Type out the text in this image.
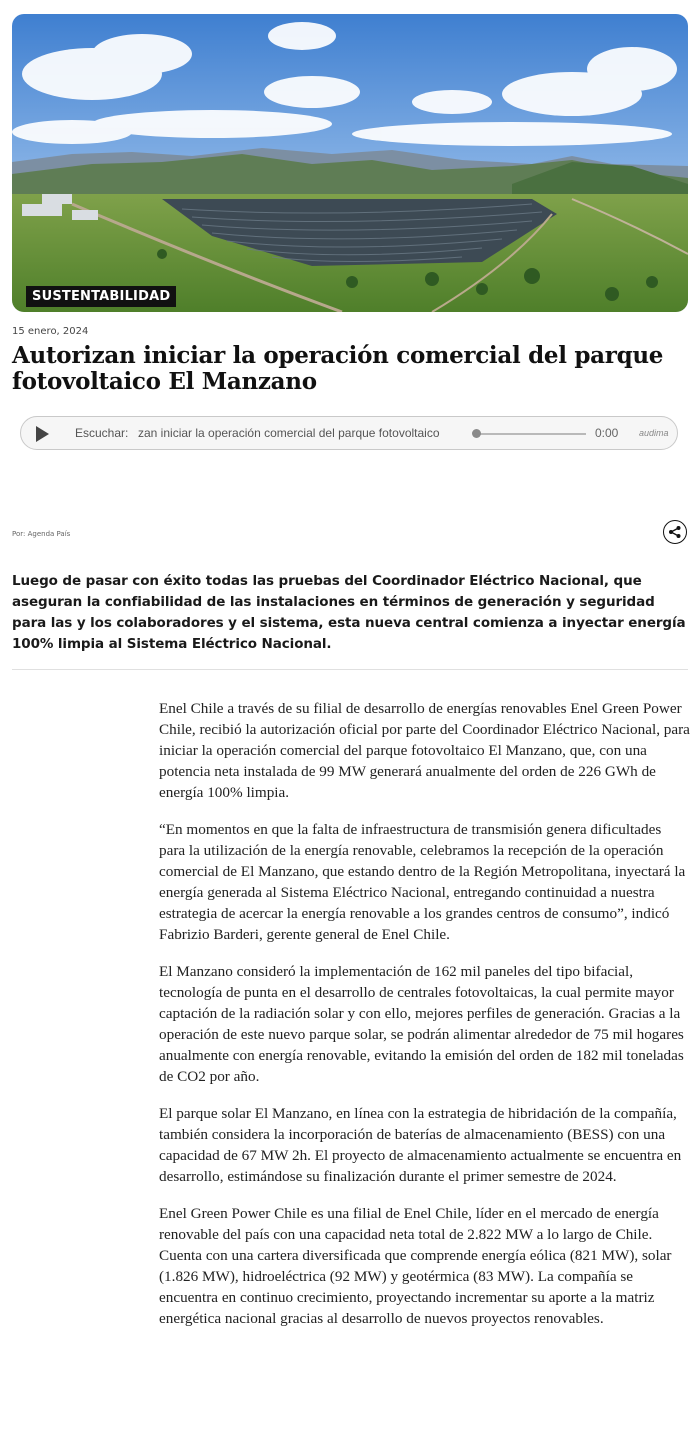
SUSTENTABILIDAD
15 enero, 2024
Autorizan iniciar la operación comercial del parque fotovoltaico El Manzano
Escuchar: zan iniciar la operación comercial del parque fotovoltaico	0:00 audima
Por: Agenda País

Luego de pasar con éxito todas las pruebas del Coordinador Eléctrico Nacional, que aseguran la confiabilidad de las instalaciones en términos de generación y seguridad para las y los colaboradores y el sistema, esta nueva central comienza a inyectar energía 100% limpia al Sistema Eléctrico Nacional.

Enel Chile a través de su filial de desarrollo de energías renovables Enel Green Power Chile, recibió la autorización oficial por parte del Coordinador Eléctrico Nacional, para iniciar la operación comercial del parque fotovoltaico El Manzano, que, con una potencia neta instalada de 99 MW generará anualmente del orden de 226 GWh de energía 100% limpia.

“En momentos en que la falta de infraestructura de transmisión genera dificultades para la utilización de la energía renovable, celebramos la recepción de la operación comercial de El Manzano, que estando dentro de la Región Metropolitana, inyectará la energía generada al Sistema Eléctrico Nacional, entregando continuidad a nuestra estrategia de acercar la energía renovable a los grandes centros de consumo”, indicó Fabrizio Barderi, gerente general de Enel Chile.

El Manzano consideró la implementación de 162 mil paneles del tipo bifacial, tecnología de punta en el desarrollo de centrales fotovoltaicas, la cual permite mayor captación de la radiación solar y con ello, mejores perfiles de generación. Gracias a la operación de este nuevo parque solar, se podrán alimentar alrededor de 75 mil hogares anualmente con energía renovable, evitando la emisión del orden de 182 mil toneladas de CO2 por año.

El parque solar El Manzano, en línea con la estrategia de hibridación de la compañía, también considera la incorporación de baterías de almacenamiento (BESS) con una capacidad de 67 MW 2h. El proyecto de almacenamiento actualmente se encuentra en desarrollo, estimándose su finalización durante el primer semestre de 2024.

Enel Green Power Chile es una filial de Enel Chile, líder en el mercado de energía renovable del país con una capacidad neta total de 2.822 MW a lo largo de Chile. Cuenta con una cartera diversificada que comprende energía eólica (821 MW), solar (1.826 MW), hidroeléctrica (92 MW) y geotérmica (83 MW). La compañía se encuentra en continuo crecimiento, proyectando incrementar su aporte a la matriz energética nacional gracias al desarrollo de nuevos proyectos renovables.
